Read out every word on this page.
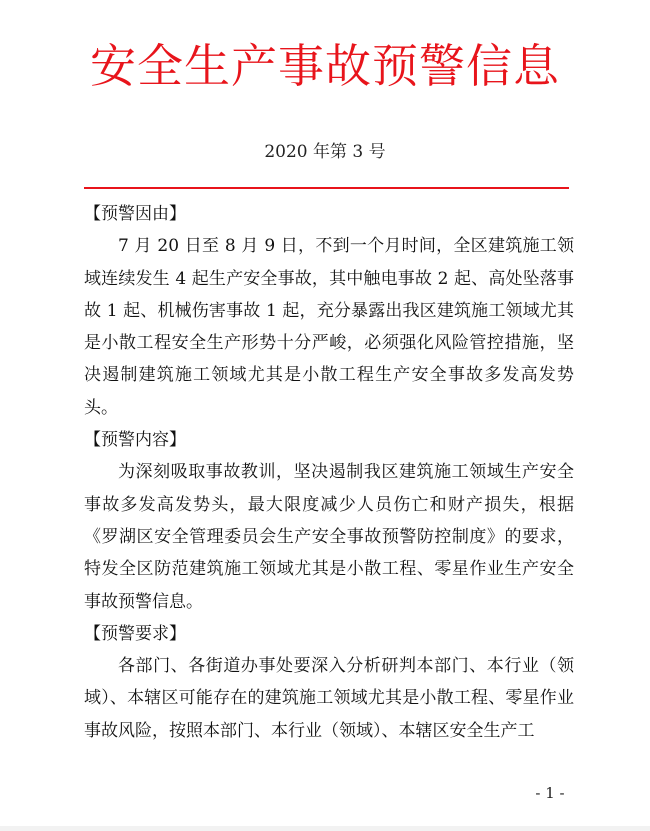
安全生产事故预警信息
2020 年第 3 号

【预警因由】

7 月 20 日至 8 月 9 日，不到一个月时间，全区建筑施工领域连续发生 4 起生产安全事故，其中触电事故 2 起、高处坠落事故 1 起、机械伤害事故 1 起，充分暴露出我区建筑施工领域尤其是小散工程安全生产形势十分严峻，必须强化风险管控措施，坚决遏制建筑施工领域尤其是小散工程生产安全事故多发高发势头。

【预警内容】

为深刻吸取事故教训，坚决遏制我区建筑施工领域生产安全事故多发高发势头，最大限度减少人员伤亡和财产损失，根据《罗湖区安全管理委员会生产安全事故预警防控制度》的要求，特发全区防范建筑施工领域尤其是小散工程、零星作业生产安全事故预警信息。

【预警要求】

各部门、各街道办事处要深入分析研判本部门、本行业（领域）、本辖区可能存在的建筑施工领域尤其是小散工程、零星作业事故风险，按照本部门、本行业（领域）、本辖区安全生产工

- 1 -
